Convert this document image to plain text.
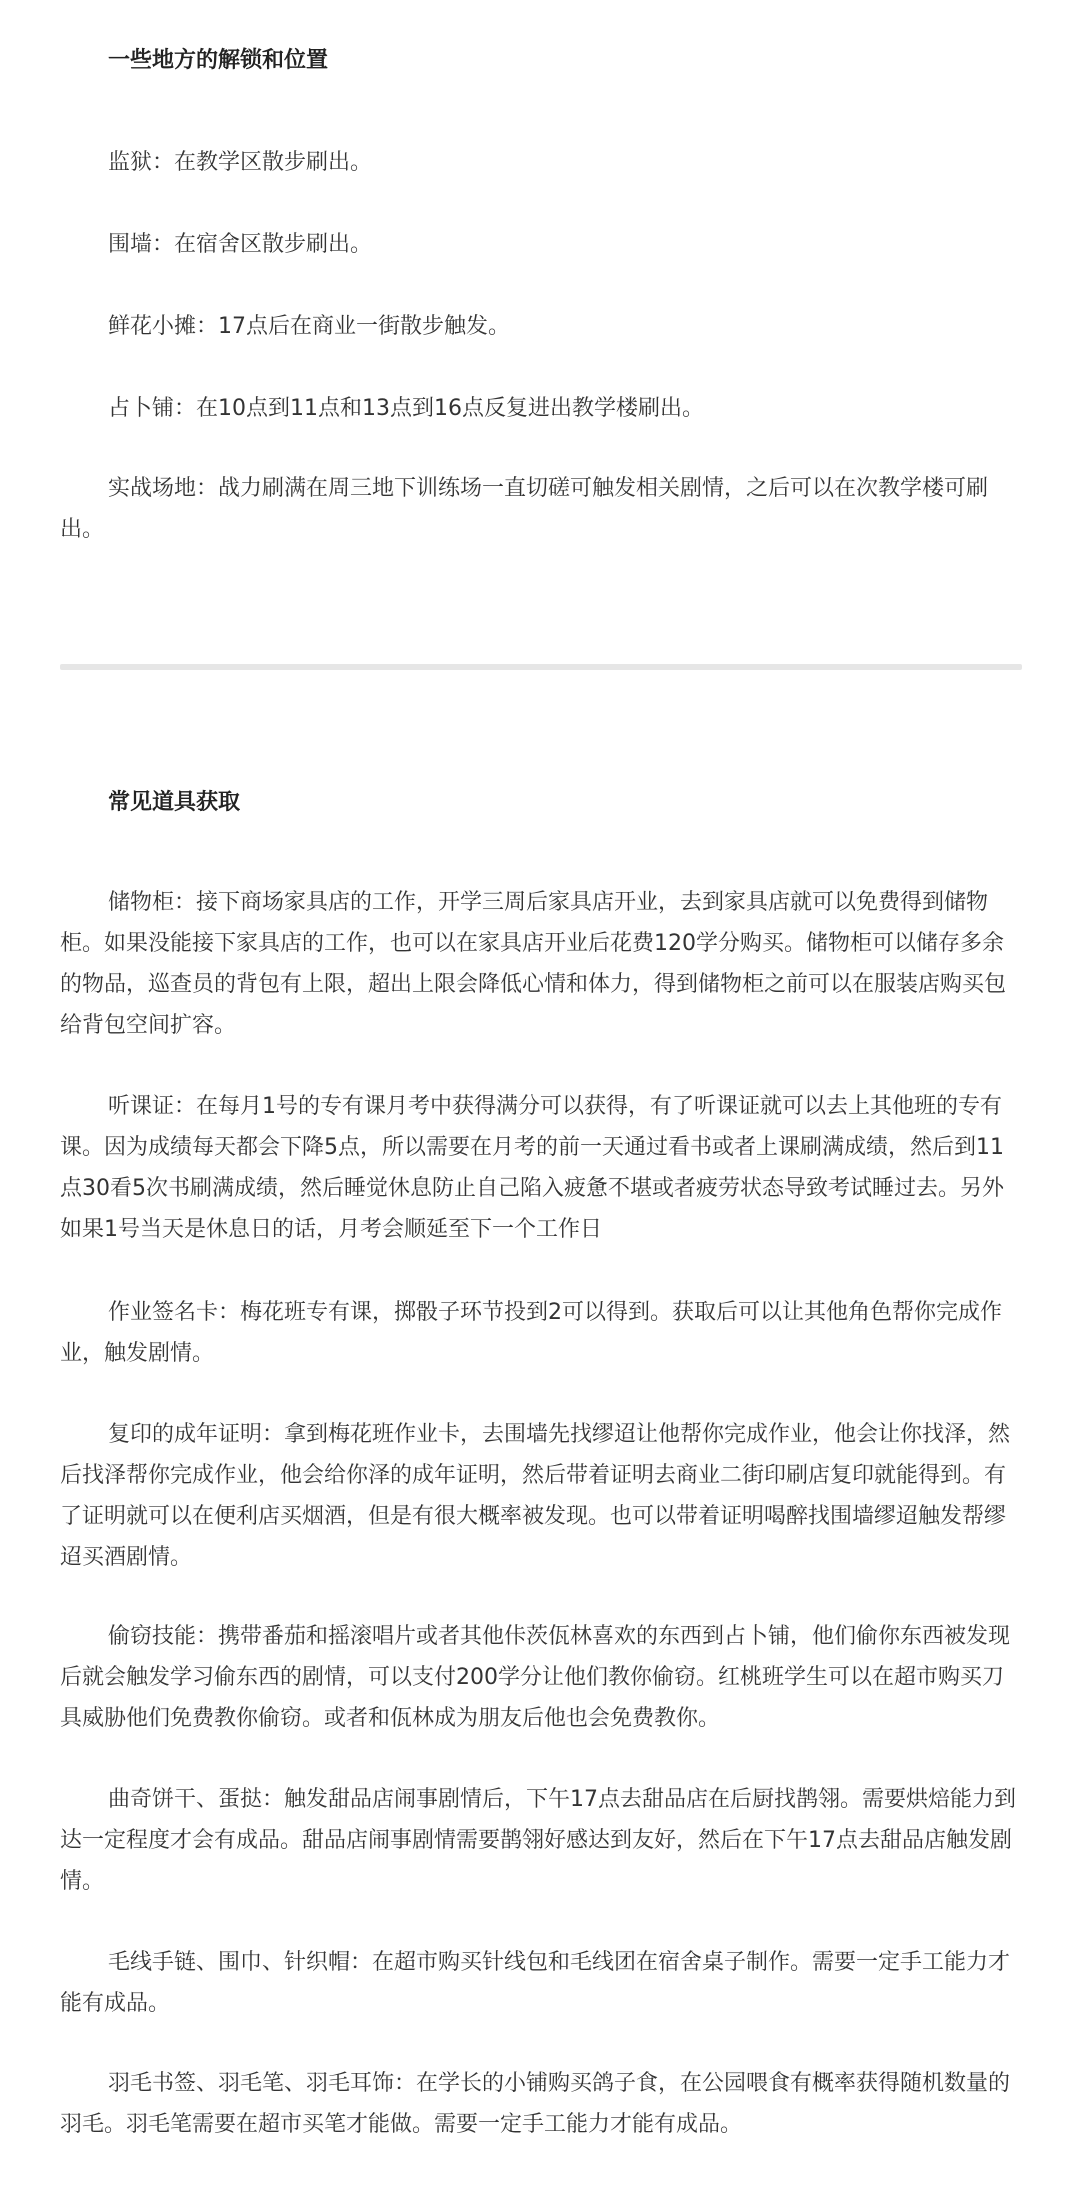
一些地方的解锁和位置

监狱：在教学区散步刷出。

围墙：在宿舍区散步刷出。

鲜花小摊：17点后在商业一街散步触发。

占卜铺：在10点到11点和13点到16点反复进出教学楼刷出。

实战场地：战力刷满在周三地下训练场一直切磋可触发相关剧情，之后可以在次教学楼可刷出。

常见道具获取

储物柜：接下商场家具店的工作，开学三周后家具店开业，去到家具店就可以免费得到储物柜。如果没能接下家具店的工作，也可以在家具店开业后花费120学分购买。储物柜可以储存多余的物品，巡查员的背包有上限，超出上限会降低心情和体力，得到储物柜之前可以在服装店购买包给背包空间扩容。

听课证：在每月1号的专有课月考中获得满分可以获得，有了听课证就可以去上其他班的专有课。因为成绩每天都会下降5点，所以需要在月考的前一天通过看书或者上课刷满成绩，然后到11点30看5次书刷满成绩，然后睡觉休息防止自己陷入疲惫不堪或者疲劳状态导致考试睡过去。另外如果1号当天是休息日的话，月考会顺延至下一个工作日

作业签名卡：梅花班专有课，掷骰子环节投到2可以得到。获取后可以让其他角色帮你完成作业，触发剧情。

复印的成年证明：拿到梅花班作业卡，去围墙先找缪迢让他帮你完成作业，他会让你找泽，然后找泽帮你完成作业，他会给你泽的成年证明，然后带着证明去商业二街印刷店复印就能得到。有了证明就可以在便利店买烟酒，但是有很大概率被发现。也可以带着证明喝醉找围墙缪迢触发帮缪迢买酒剧情。

偷窃技能：携带番茄和摇滚唱片或者其他佧茨佤林喜欢的东西到占卜铺，他们偷你东西被发现后就会触发学习偷东西的剧情，可以支付200学分让他们教你偷窃。红桃班学生可以在超市购买刀具威胁他们免费教你偷窃。或者和佤林成为朋友后他也会免费教你。

曲奇饼干、蛋挞：触发甜品店闹事剧情后，下午17点去甜品店在后厨找鹊翎。需要烘焙能力到达一定程度才会有成品。甜品店闹事剧情需要鹊翎好感达到友好，然后在下午17点去甜品店触发剧情。

毛线手链、围巾、针织帽：在超市购买针线包和毛线团在宿舍桌子制作。需要一定手工能力才能有成品。

羽毛书签、羽毛笔、羽毛耳饰：在学长的小铺购买鸽子食，在公园喂食有概率获得随机数量的羽毛。羽毛笔需要在超市买笔才能做。需要一定手工能力才能有成品。
